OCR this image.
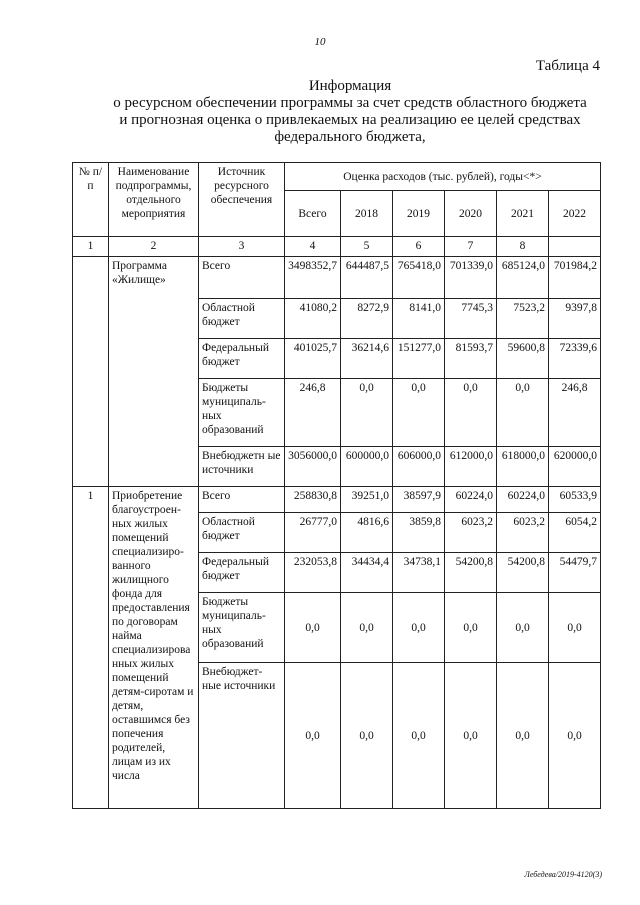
10
Таблица 4
Информация
о ресурсном обеспечении программы за счет средств областного бюджета
и прогнозная оценка о привлекаемых на реализацию ее целей средствах
федерального бюджета,
№ п/п	Наименование подпрограммы, отдельного мероприятия	Источник ресурсного обеспечения	Оценка расходов (тыс. рублей), годы<*>					
			Всего	2018	2019	2020	2021	2022
1	2	3	4	5	6	7	8	
	Программа «Жилище»	Всего	3498352,7	644487,5	765418,0	701339,0	685124,0	701984,2
		Областной бюджет	41080,2	8272,9	8141,0	7745,3	7523,2	9397,8
		Федеральный бюджет	401025,7	36214,6	151277,0	81593,7	59600,8	72339,6
		Бюджеты муниципаль-ных образований	246,8	0,0	0,0	0,0	0,0	246,8
		Внебюджетн ые источники	3056000,0	600000,0	606000,0	612000,0	618000,0	620000,0
1	Приобретение благоустроен-ных жилых помещений специализиро-ванного жилищного фонда для предоставления по договорам найма специализирова нных жилых помещений детям-сиротам и детям, оставшимся без попечения родителей, лицам из их числа	Всего	258830,8	39251,0	38597,9	60224,0	60224,0	60533,9
		Областной бюджет	26777,0	4816,6	3859,8	6023,2	6023,2	6054,2
		Федеральный бюджет	232053,8	34434,4	34738,1	54200,8	54200,8	54479,7
		Бюджеты муниципаль-ных образований	0,0	0,0	0,0	0,0	0,0	0,0
		Внебюджет-ные источники	0,0	0,0	0,0	0,0	0,0	0,0
Лебедева/2019-4120(3)
